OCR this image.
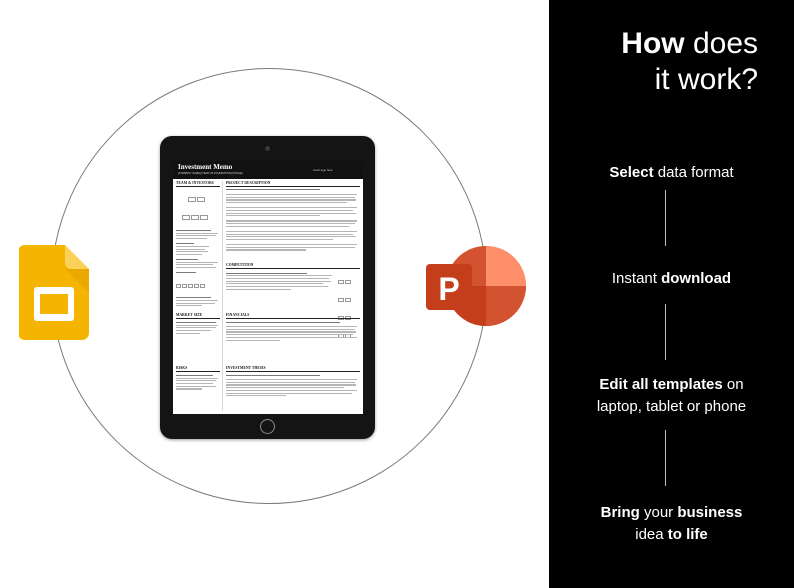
Investment Memo
[COMPANY NAME] [YEAR OF FOUNDATION] [STAGE]
Insert logo here
TEAM & INVESTORS
MARKET SIZE
RISKS
PROJECT DESCRIPTION
COMPETITION

FINANCIALS
INVESTMENT THESIS
P
How does
it work?
Select data format
Instant download
Edit all templates on
laptop, tablet or phone
Bring your business
idea to life
